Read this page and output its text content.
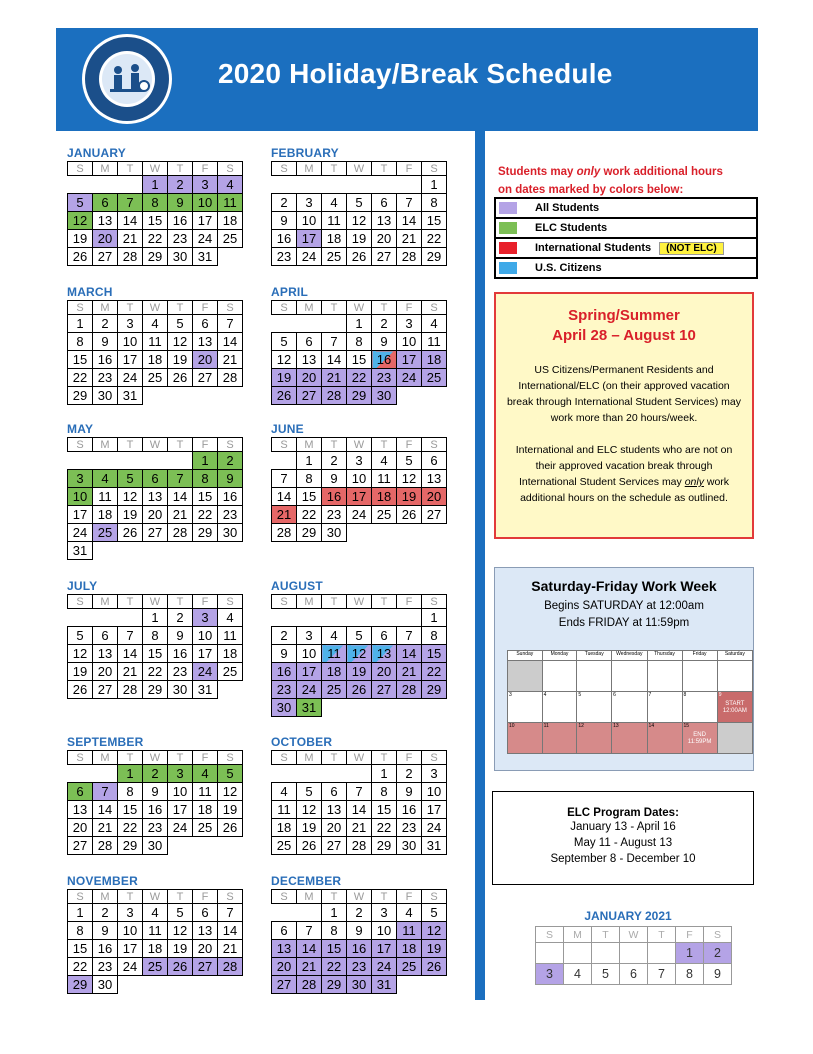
2020 Holiday/Break Schedule
JANUARY
S	M	T	W	T	F	S
			1	2	3	4
5	6	7	8	9	10	11
12	13	14	15	16	17	18
19	20	21	22	23	24	25
26	27	28	29	30	31	
FEBRUARY
S	M	T	W	T	F	S
						1
2	3	4	5	6	7	8
9	10	11	12	13	14	15
16	17	18	19	20	21	22
23	24	25	26	27	28	29
MARCH
S	M	T	W	T	F	S
1	2	3	4	5	6	7
8	9	10	11	12	13	14
15	16	17	18	19	20	21
22	23	24	25	26	27	28
29	30	31				
APRIL
S	M	T	W	T	F	S
			1	2	3	4
5	6	7	8	9	10	11
12	13	14	15	16	17	18
19	20	21	22	23	24	25
26	27	28	29	30		
MAY
S	M	T	W	T	F	S
					1	2
3	4	5	6	7	8	9
10	11	12	13	14	15	16
17	18	19	20	21	22	23
24	25	26	27	28	29	30
31						
JUNE
S	M	T	W	T	F	S
	1	2	3	4	5	6
7	8	9	10	11	12	13
14	15	16	17	18	19	20
21	22	23	24	25	26	27
28	29	30				
JULY
S	M	T	W	T	F	S
			1	2	3	4
5	6	7	8	9	10	11
12	13	14	15	16	17	18
19	20	21	22	23	24	25
26	27	28	29	30	31	
AUGUST
S	M	T	W	T	F	S
						1
2	3	4	5	6	7	8
9	10	11	12	13	14	15
16	17	18	19	20	21	22
23	24	25	26	27	28	29
30	31					
SEPTEMBER
S	M	T	W	T	F	S
		1	2	3	4	5
6	7	8	9	10	11	12
13	14	15	16	17	18	19
20	21	22	23	24	25	26
27	28	29	30			
OCTOBER
S	M	T	W	T	F	S
				1	2	3
4	5	6	7	8	9	10
11	12	13	14	15	16	17
18	19	20	21	22	23	24
25	26	27	28	29	30	31
NOVEMBER
S	M	T	W	T	F	S
1	2	3	4	5	6	7
8	9	10	11	12	13	14
15	16	17	18	19	20	21
22	23	24	25	26	27	28
29	30					
DECEMBER
S	M	T	W	T	F	S
		1	2	3	4	5
6	7	8	9	10	11	12
13	14	15	16	17	18	19
20	21	22	23	24	25	26
27	28	29	30	31		
Students may only work additional hours
on dates marked by colors below:
All Students
ELC Students
International Students	(NOT ELC)
U.S. Citizens
Spring/Summer
April 28 – August 10
US Citizens/Permanent Residents and International/ELC (on their approved vacation break through International Student Services) may work more than 20 hours/week.
International and ELC students who are not on their approved vacation break through International Student Services may only work additional hours on the schedule as outlined.
Saturday-Friday Work Week
Begins SATURDAY at 12:00am
Ends FRIDAY at 11:59pm
Sunday	Monday	Tuesday	Wednesday	Thursday	Friday	Saturday

3	4	5	6	7	8	9
START 12:00AM

10	11	12	13	14	15
END 11:59PM	

ELC Program Dates:
January 13 - April 16
May 11 - August 13
September 8 - December 10
JANUARY 2021
S	M	T	W	T	F	S
					1	2
3	4	5	6	7	8	9
